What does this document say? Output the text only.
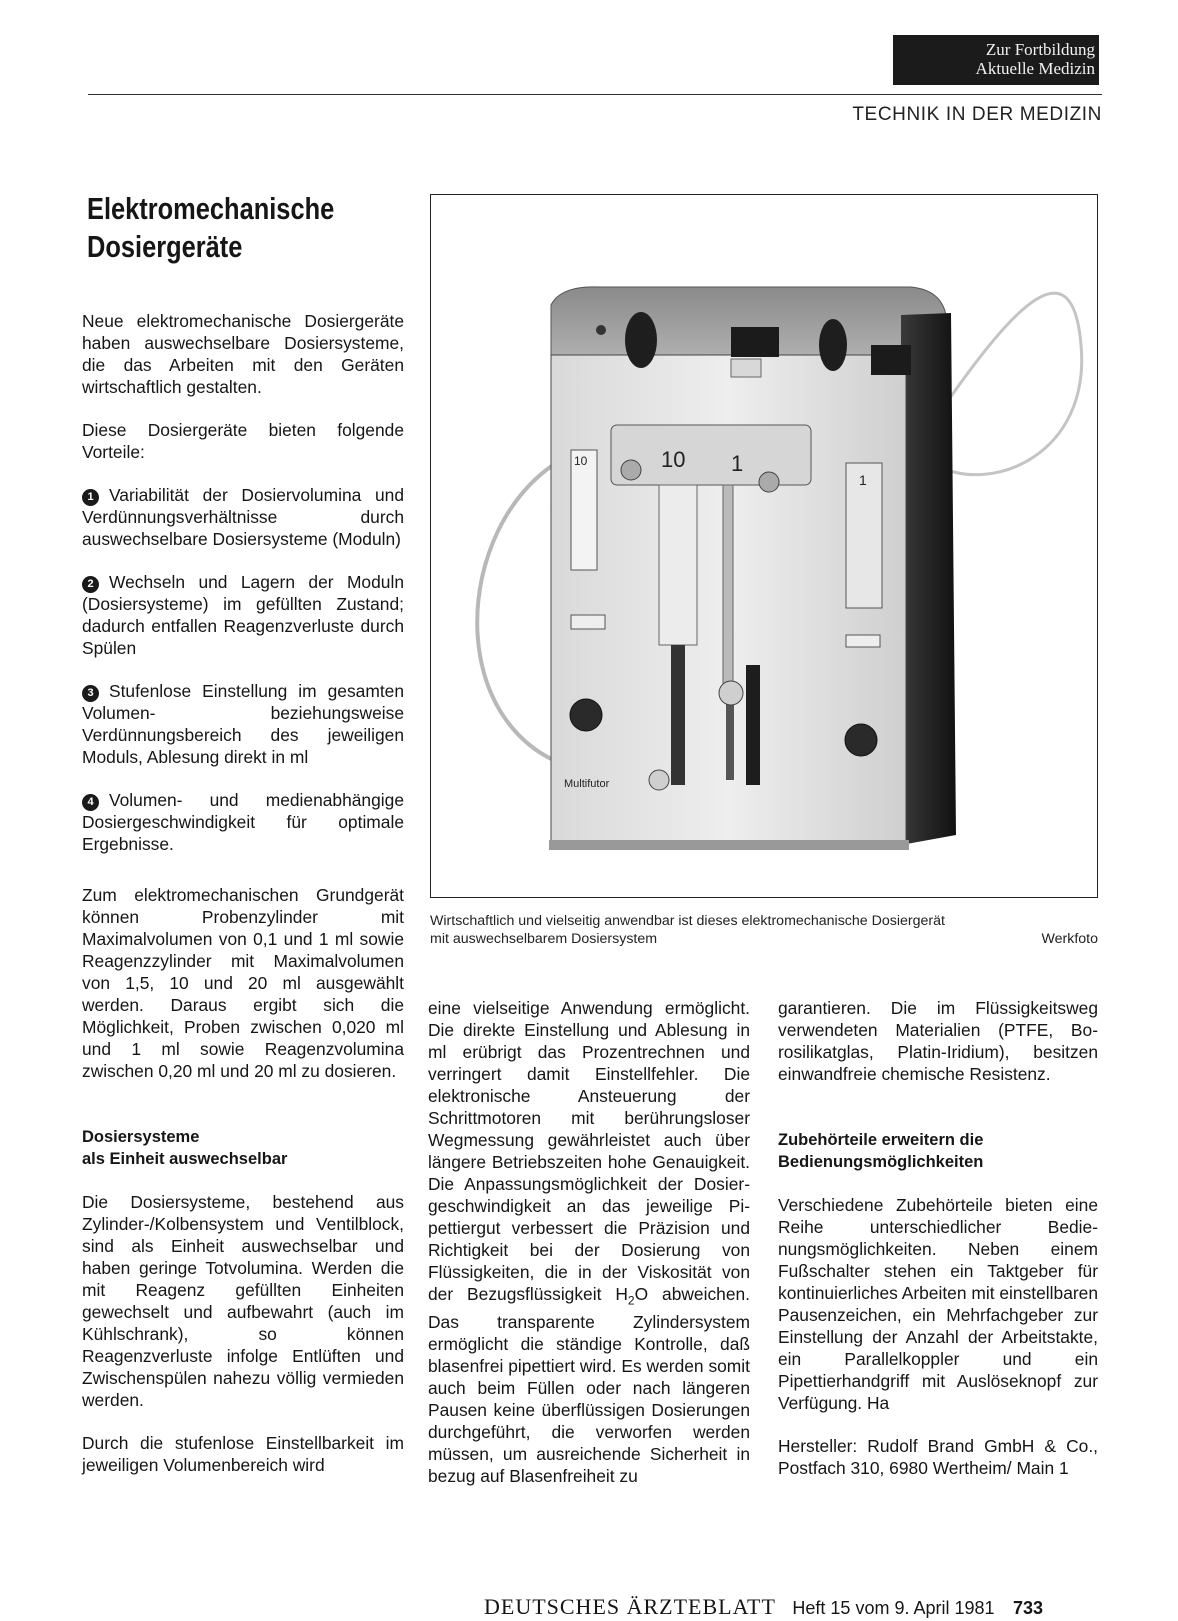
Zur Fortbildung
Aktuelle Medizin
TECHNIK IN DER MEDIZIN
Elektromechanische
Dosiergeräte

Neue elektromechanische Dosiergeräte haben auswechselbare Dosiersysteme, die das Arbeiten mit den Geräten wirtschaftlich gestalten.

Diese Dosiergeräte bieten folgende Vorteile:

1 Variabilität der Dosiervolumina und Verdünnungsverhältnisse durch auswechselbare Dosiersysteme (Moduln)

2 Wechseln und Lagern der Moduln (Dosiersysteme) im gefüllten Zustand; dadurch entfallen Reagenzverluste durch Spülen

3 Stufenlose Einstellung im gesamten Volumen- beziehungsweise Verdünnungsbereich des jeweiligen Moduls, Ablesung direkt in ml

4 Volumen- und medienabhängige Dosiergeschwindigkeit für optimale Ergebnisse.

Zum elektromechanischen Grundgerät können Probenzylinder mit Maximalvolumen von 0,1 und 1 ml sowie Reagenzzylinder mit Maximalvolumen von 1,5, 10 und 20 ml ausgewählt werden. Daraus ergibt sich die Möglichkeit, Proben zwischen 0,020 ml und 1 ml sowie Reagenzvolumina zwischen 0,20 ml und 20 ml zu dosieren.

Dosiersysteme
als Einheit auswechselbar

Die Dosiersysteme, bestehend aus Zylinder-/Kolbensystem und Ventilblock, sind als Einheit auswechselbar und haben geringe Totvolumina. Werden die mit Reagenz gefüllten Einheiten gewechselt und aufbewahrt (auch im Kühlschrank), so können Reagenzverluste infolge Entlüften und Zwischenspülen nahezu völlig vermieden werden.

Durch die stufenlose Einstellbarkeit im jeweiligen Volumenbereich wird

10 1
10
1
Multifutor
Wirtschaftlich und vielseitig anwendbar ist dieses elektromechanische Dosiergerät
mit auswechselbarem Dosiersystem	Werkfoto

eine vielseitige Anwendung ermöglicht. Die direkte Einstellung und Ablesung in ml erübrigt das Prozentrechnen und verringert damit Einstellfehler. Die elektronische Ansteuerung der Schrittmotoren mit berührungsloser Wegmessung gewährleistet auch über längere Betriebszeiten hohe Genauigkeit. Die Anpassungsmöglichkeit der Dosiergeschwindigkeit an das jeweilige Pipettiergut verbessert die Präzision und Richtigkeit bei der Dosierung von Flüssigkeiten, die in der Viskosität von der Bezugsflüssigkeit $H_2O$ abweichen. Das transparente Zylindersystem ermöglicht die ständige Kontrolle, daß blasenfrei pipettiert wird. Es werden somit auch beim Füllen oder nach längeren Pausen keine überflüssigen Dosierungen durchgeführt, die verworfen werden müssen, um ausreichende Sicherheit in bezug auf Blasenfreiheit zu

garantieren. Die im Flüssigkeitsweg verwendeten Materialien (PTFE, Borosilikatglas, Platin-Iridium), besitzen einwandfreie chemische Resistenz.

Zubehörteile erweitern die
Bedienungsmöglichkeiten

Verschiedene Zubehörteile bieten eine Reihe unterschiedlicher Bedienungsmöglichkeiten. Neben einem Fußschalter stehen ein Taktgeber für kontinuierliches Arbeiten mit einstellbaren Pausenzeichen, ein Mehrfachgeber zur Einstellung der Anzahl der Arbeitstakte, ein Parallelkoppler und ein Pipettierhandgriff mit Auslöseknopf zur Verfügung. Ha

Hersteller: Rudolf Brand GmbH & Co., Postfach 310, 6980 Wertheim/ Main 1

DEUTSCHES ÄRZTEBLATT Heft 15 vom 9. April 1981 733
